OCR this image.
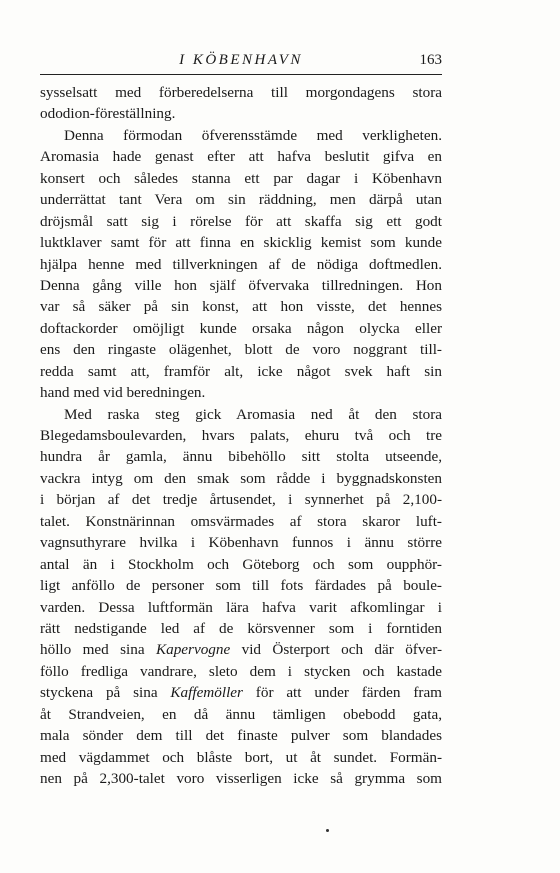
I KÖBENHAVN	163
sysselsatt med förberedelserna till morgondagens stora
ododion-föreställning.
Denna förmodan öfverensstämde med verkligheten.
Aromasia hade genast efter att hafva beslutit gifva en
konsert och således stanna ett par dagar i Köbenhavn
underrättat tant Vera om sin räddning, men därpå utan
dröjsmål satt sig i rörelse för att skaffa sig ett godt
luktklaver samt för att finna en skicklig kemist som kunde
hjälpa henne med tillverkningen af de nödiga doftmedlen.
Denna gång ville hon själf öfvervaka tillredningen. Hon
var så säker på sin konst, att hon visste, det hennes
doftackorder omöjligt kunde orsaka någon olycka eller
ens den ringaste olägenhet, blott de voro noggrant till-
redda samt att, framför alt, icke något svek haft sin
hand med vid beredningen.
Med raska steg gick Aromasia ned åt den stora
Blegedamsboulevarden, hvars palats, ehuru två och tre
hundra år gamla, ännu bibehöllo sitt stolta utseende,
vackra intyg om den smak som rådde i byggnadskonsten
i början af det tredje årtusendet, i synnerhet på 2,100-
talet. Konstnärinnan omsvärmades af stora skaror luft-
vagnsuthyrare hvilka i Köbenhavn funnos i ännu större
antal än i Stockholm och Göteborg och som oupphör-
ligt anföllo de personer som till fots färdades på boule-
varden. Dessa luftformän lära hafva varit afkomlingar i
rätt nedstigande led af de körsvenner som i forntiden
höllo med sina Kapervogne vid Österport och där öfver-
föllo fredliga vandrare, sleto dem i stycken och kastade
styckena på sina Kaffemöller för att under färden fram
åt Strandveien, en då ännu tämligen obebodd gata,
mala sönder dem till det finaste pulver som blandades
med vägdammet och blåste bort, ut åt sundet. Formän-
nen på 2,300-talet voro visserligen icke så grymma som
